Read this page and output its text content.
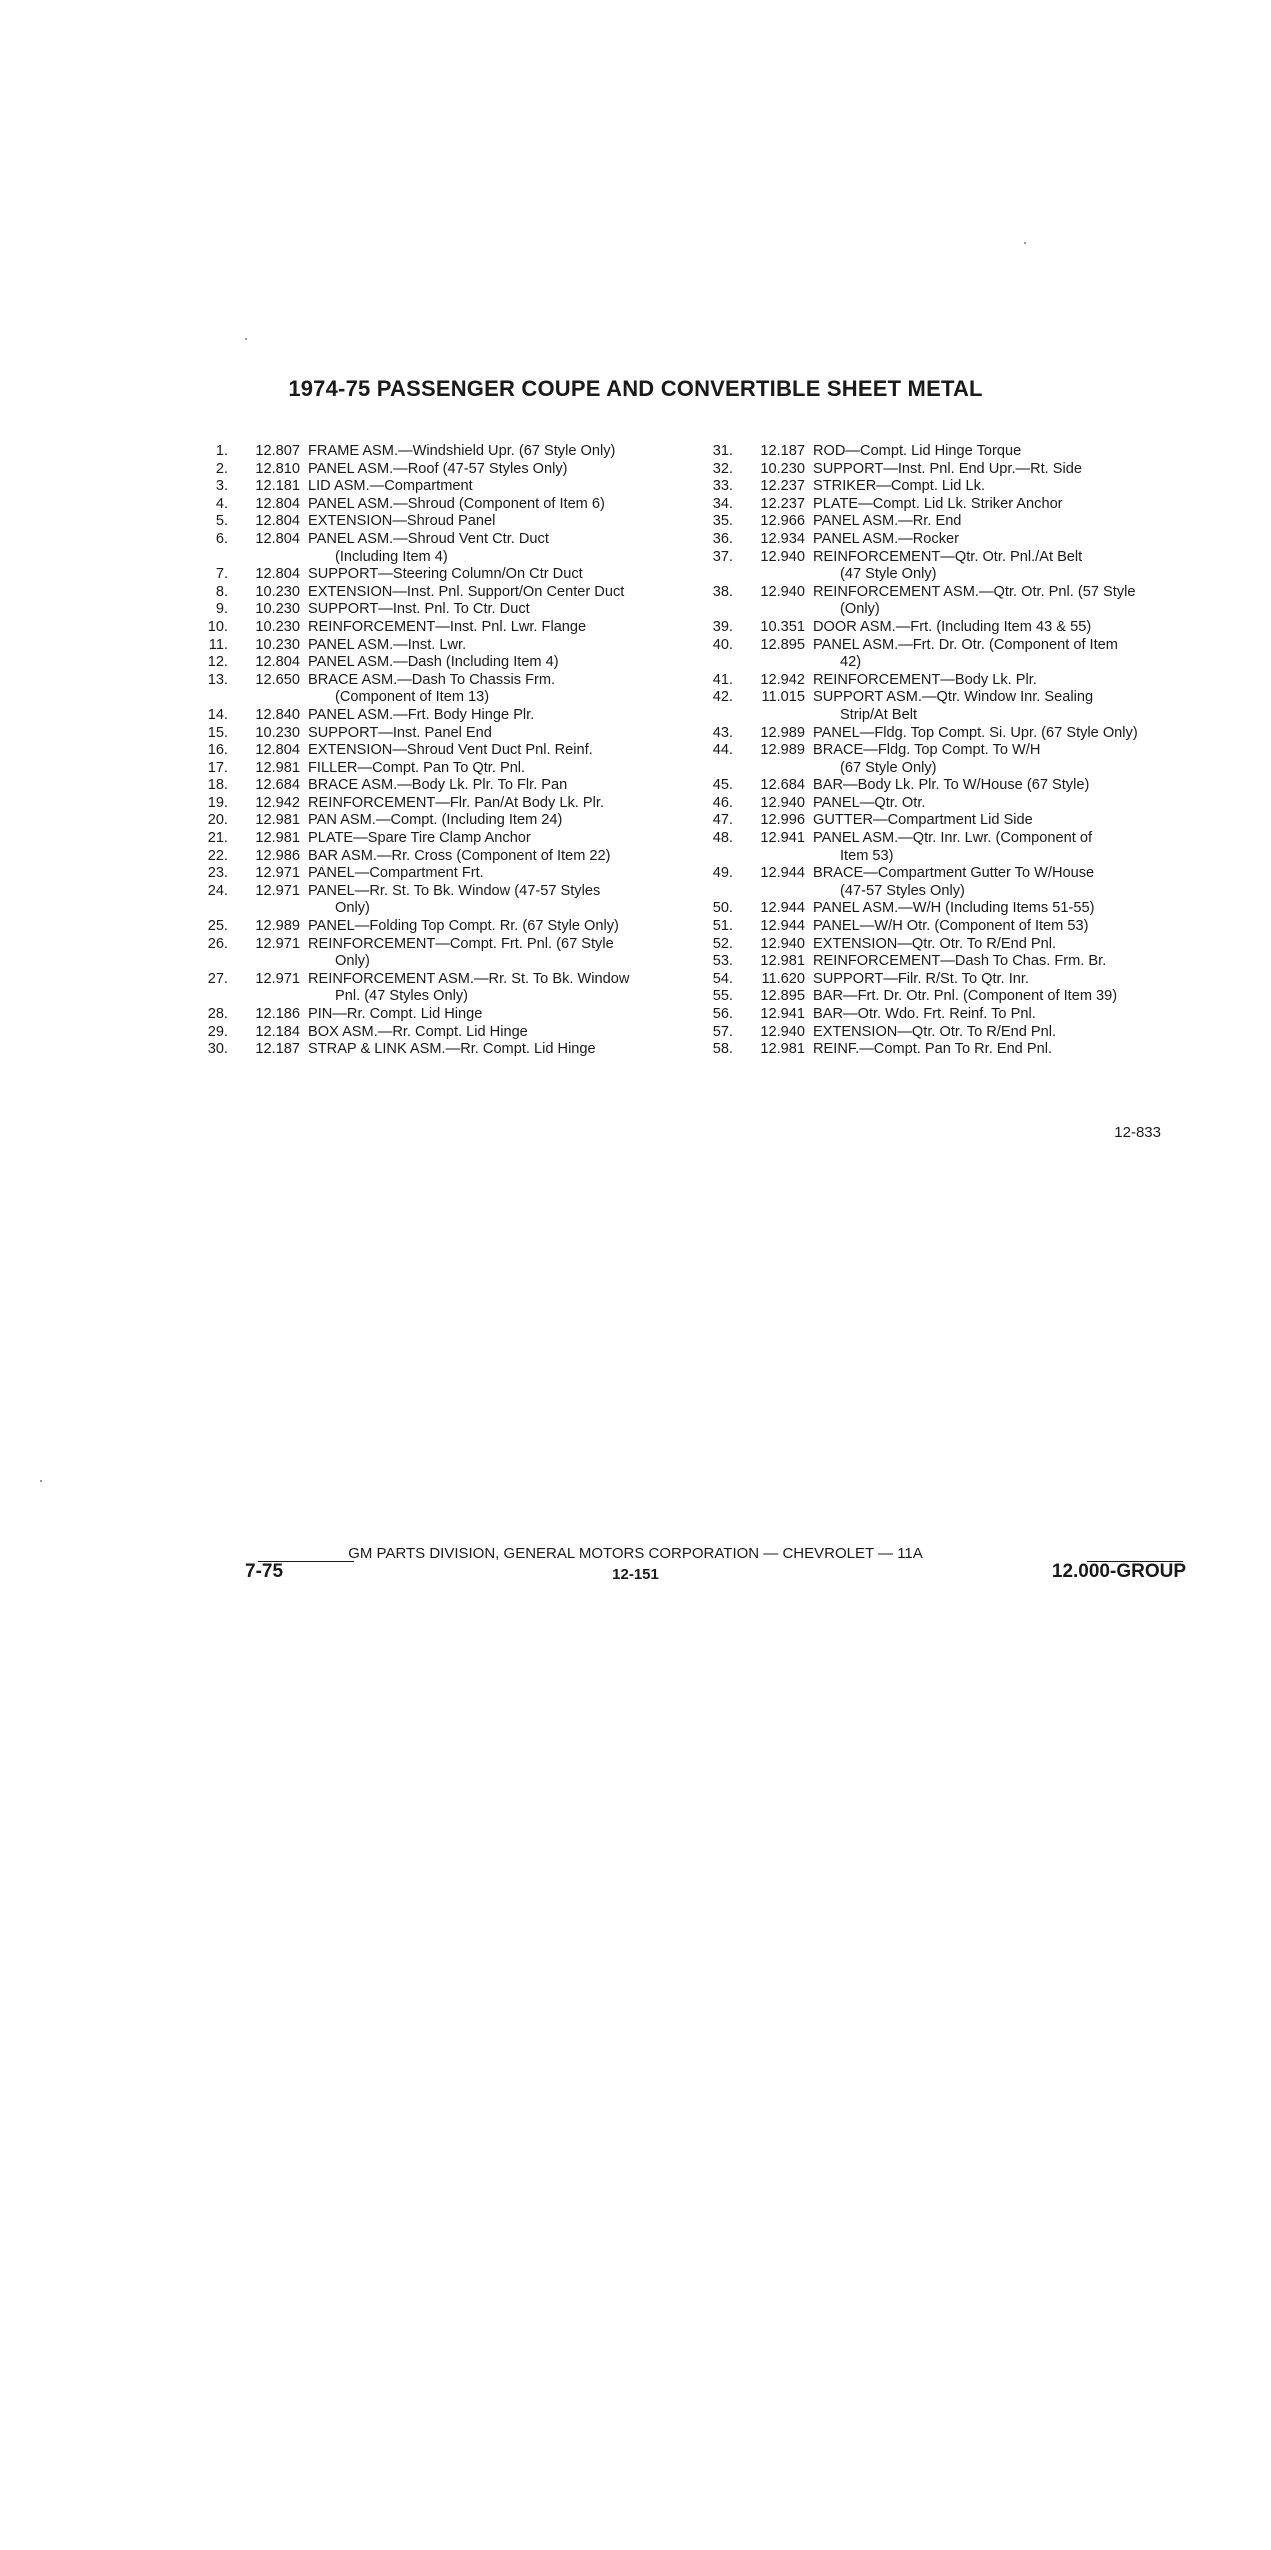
1974-75 PASSENGER COUPE AND CONVERTIBLE SHEET METAL
1.	12.807 FRAME ASM.—Windshield Upr. (67 Style Only)
2.	12.810 PANEL ASM.—Roof (47-57 Styles Only)
3.	12.181 LID ASM.—Compartment
4.	12.804 PANEL ASM.—Shroud (Component of Item 6)
5.	12.804 EXTENSION—Shroud Panel
6.	12.804 PANEL ASM.—Shroud Vent Ctr. Duct
(Including Item 4)
7.	12.804 SUPPORT—Steering Column/On Ctr Duct
8.	10.230 EXTENSION—Inst. Pnl. Support/On Center Duct
9.	10.230 SUPPORT—Inst. Pnl. To Ctr. Duct
10.	10.230 REINFORCEMENT—Inst. Pnl. Lwr. Flange
11.	10.230 PANEL ASM.—Inst. Lwr.
12.	12.804 PANEL ASM.—Dash (Including Item 4)
13.	12.650 BRACE ASM.—Dash To Chassis Frm.
(Component of Item 13)
14.	12.840 PANEL ASM.—Frt. Body Hinge Plr.
15.	10.230 SUPPORT—Inst. Panel End
16.	12.804 EXTENSION—Shroud Vent Duct Pnl. Reinf.
17.	12.981 FILLER—Compt. Pan To Qtr. Pnl.
18.	12.684 BRACE ASM.—Body Lk. Plr. To Flr. Pan
19.	12.942 REINFORCEMENT—Flr. Pan/At Body Lk. Plr.
20.	12.981 PAN ASM.—Compt. (Including Item 24)
21.	12.981 PLATE—Spare Tire Clamp Anchor
22.	12.986 BAR ASM.—Rr. Cross (Component of Item 22)
23.	12.971 PANEL—Compartment Frt.
24.	12.971 PANEL—Rr. St. To Bk. Window (47-57 Styles
Only)
25.	12.989 PANEL—Folding Top Compt. Rr. (67 Style Only)
26.	12.971 REINFORCEMENT—Compt. Frt. Pnl. (67 Style
Only)
27.	12.971 REINFORCEMENT ASM.—Rr. St. To Bk. Window
Pnl. (47 Styles Only)
28.	12.186 PIN—Rr. Compt. Lid Hinge
29.	12.184 BOX ASM.—Rr. Compt. Lid Hinge
30.	12.187 STRAP & LINK ASM.—Rr. Compt. Lid Hinge
31.	12.187 ROD—Compt. Lid Hinge Torque
32.	10.230 SUPPORT—Inst. Pnl. End Upr.—Rt. Side
33.	12.237 STRIKER—Compt. Lid Lk.
34.	12.237 PLATE—Compt. Lid Lk. Striker Anchor
35.	12.966 PANEL ASM.—Rr. End
36.	12.934 PANEL ASM.—Rocker
37.	12.940 REINFORCEMENT—Qtr. Otr. Pnl./At Belt
(47 Style Only)
38.	12.940 REINFORCEMENT ASM.—Qtr. Otr. Pnl. (57 Style
(Only)
39.	10.351 DOOR ASM.—Frt. (Including Item 43 & 55)
40.	12.895 PANEL ASM.—Frt. Dr. Otr. (Component of Item
42)
41.	12.942 REINFORCEMENT—Body Lk. Plr.
42.	11.015 SUPPORT ASM.—Qtr. Window Inr. Sealing
Strip/At Belt
43.	12.989 PANEL—Fldg. Top Compt. Si. Upr. (67 Style Only)
44.	12.989 BRACE—Fldg. Top Compt. To W/H
(67 Style Only)
45.	12.684 BAR—Body Lk. Plr. To W/House (67 Style)
46.	12.940 PANEL—Qtr. Otr.
47.	12.996 GUTTER—Compartment Lid Side
48.	12.941 PANEL ASM.—Qtr. Inr. Lwr. (Component of
Item 53)
49.	12.944 BRACE—Compartment Gutter To W/House
(47-57 Styles Only)
50.	12.944 PANEL ASM.—W/H (Including Items 51-55)
51.	12.944 PANEL—W/H Otr. (Component of Item 53)
52.	12.940 EXTENSION—Qtr. Otr. To R/End Pnl.
53.	12.981 REINFORCEMENT—Dash To Chas. Frm. Br.
54.	11.620 SUPPORT—Filr. R/St. To Qtr. Inr.
55.	12.895 BAR—Frt. Dr. Otr. Pnl. (Component of Item 39)
56.	12.941 BAR—Otr. Wdo. Frt. Reinf. To Pnl.
57.	12.940 EXTENSION—Qtr. Otr. To R/End Pnl.
58.	12.981 REINF.—Compt. Pan To Rr. End Pnl.
12-833
GM PARTS DIVISION, GENERAL MOTORS CORPORATION — CHEVROLET — 11A
7-75	12-151	12.000-GROUP
